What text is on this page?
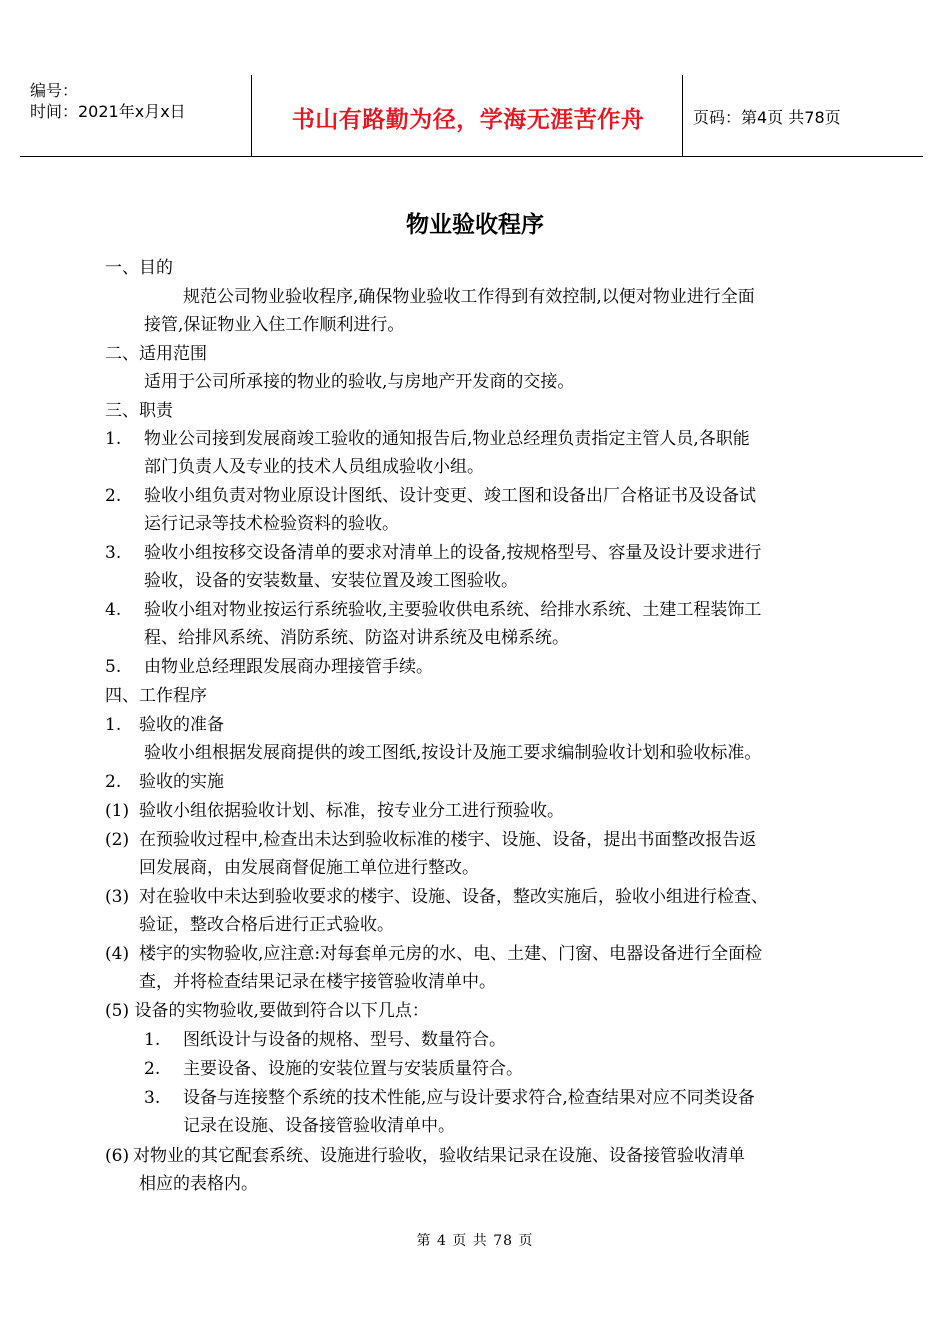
编号：
时间：2021年x月x日	书山有路勤为径，学海无涯苦作舟	页码：第4页 共78页
物业验收程序
一、目的
规范公司物业验收程序,确保物业验收工作得到有效控制,以便对物业进行全面
接管,保证物业入住工作顺利进行。
二、适用范围
适用于公司所承接的物业的验收,与房地产开发商的交接。
三、职责
1. 物业公司接到发展商竣工验收的通知报告后,物业总经理负责指定主管人员,各职能
部门负责人及专业的技术人员组成验收小组。
2. 验收小组负责对物业原设计图纸、设计变更、竣工图和设备出厂合格证书及设备试
运行记录等技术检验资料的验收。
3. 验收小组按移交设备清单的要求对清单上的设备,按规格型号、容量及设计要求进行
验收，设备的安装数量、安装位置及竣工图验收。
4. 验收小组对物业按运行系统验收,主要验收供电系统、给排水系统、土建工程装饰工
程、给排风系统、消防系统、防盗对讲系统及电梯系统。
5. 由物业总经理跟发展商办理接管手续。
四、工作程序
1. 验收的准备
验收小组根据发展商提供的竣工图纸,按设计及施工要求编制验收计划和验收标准。
2. 验收的实施
(1) 验收小组依据验收计划、标准，按专业分工进行预验收。
(2) 在预验收过程中,检查出未达到验收标准的楼宇、设施、设备，提出书面整改报告返
回发展商，由发展商督促施工单位进行整改。
(3) 对在验收中未达到验收要求的楼宇、设施、设备，整改实施后，验收小组进行检查、
验证，整改合格后进行正式验收。
(4) 楼宇的实物验收,应注意:对每套单元房的水、电、土建、门窗、电器设备进行全面检
查，并将检查结果记录在楼宇接管验收清单中。
(5) 设备的实物验收,要做到符合以下几点：
1. 图纸设计与设备的规格、型号、数量符合。
2. 主要设备、设施的安装位置与安装质量符合。
3. 设备与连接整个系统的技术性能,应与设计要求符合,检查结果对应不同类设备
记录在设施、设备接管验收清单中。
(6) 对物业的其它配套系统、设施进行验收，验收结果记录在设施、设备接管验收清单
相应的表格内。
第 4 页 共 78 页
